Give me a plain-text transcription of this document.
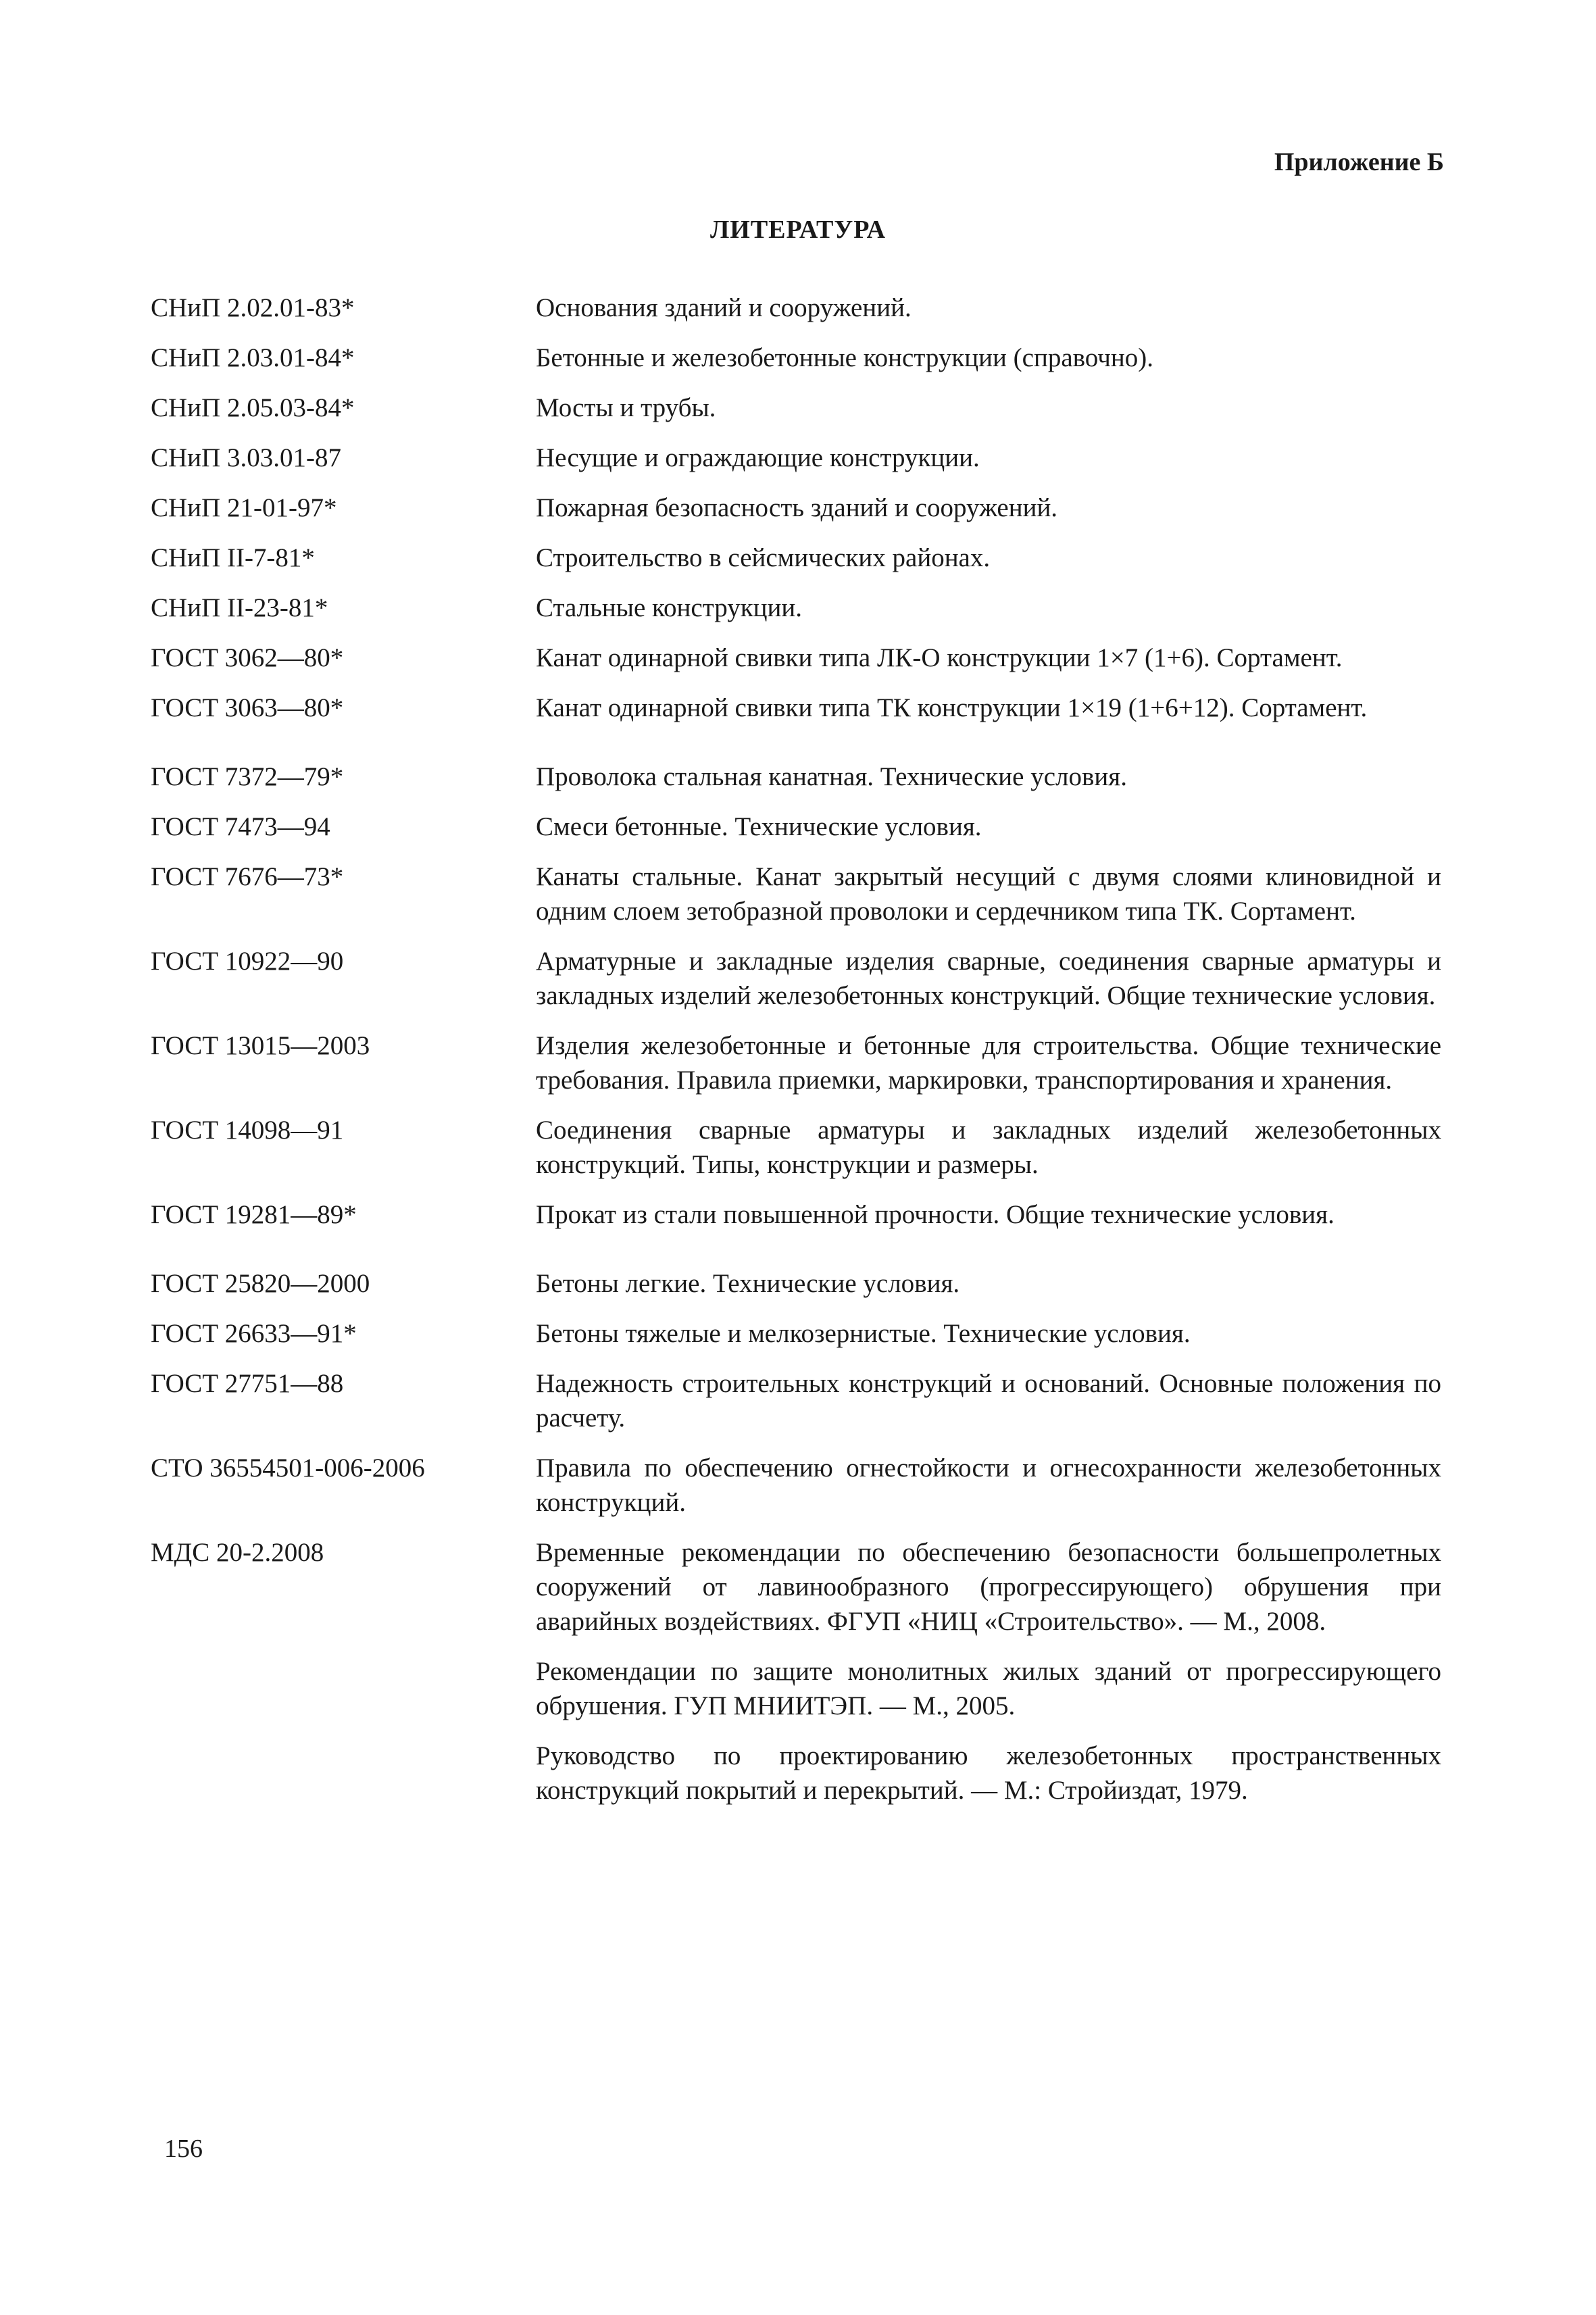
Приложение Б
ЛИТЕРАТУРА
СНиП 2.02.01-83*	Основания зданий и сооружений.
СНиП 2.03.01-84*	Бетонные и железобетонные конструкции (справочно).
СНиП 2.05.03-84*	Мосты и трубы.
СНиП 3.03.01-87	Несущие и ограждающие конструкции.
СНиП 21-01-97*	Пожарная безопасность зданий и сооружений.
СНиП II-7-81*	Строительство в сейсмических районах.
СНиП II-23-81*	Стальные конструкции.
ГОСТ 3062—80*	Канат одинарной свивки типа ЛК-О конструкции 1×7 (1+6). Сортамент.
ГОСТ 3063—80*	Канат одинарной свивки типа ТК конструкции 1×19 (1+6+12). Сортамент.
ГОСТ 7372—79*	Проволока стальная канатная. Технические условия.
ГОСТ 7473—94	Смеси бетонные. Технические условия.
ГОСТ 7676—73*	Канаты стальные. Канат закрытый несущий с двумя слоями клиновидной и одним слоем зетобразной проволоки и сердечником типа ТК. Сортамент.
ГОСТ 10922—90	Арматурные и закладные изделия сварные, соединения сварные арматуры и закладных изделий железобетонных конструкций. Общие технические условия.
ГОСТ 13015—2003	Изделия железобетонные и бетонные для строительства. Общие технические требования. Правила приемки, маркировки, транспортирования и хранения.
ГОСТ 14098—91	Соединения сварные арматуры и закладных изделий железобетонных конструкций. Типы, конструкции и размеры.
ГОСТ 19281—89*	Прокат из стали повышенной прочности. Общие технические условия.
ГОСТ 25820—2000	Бетоны легкие. Технические условия.
ГОСТ 26633—91*	Бетоны тяжелые и мелкозернистые. Технические условия.
ГОСТ 27751—88	Надежность строительных конструкций и оснований. Основные положения по расчету.
СТО 36554501-006-2006	Правила по обеспечению огнестойкости и огнесохранности железобетонных конструкций.
МДС 20-2.2008	Временные рекомендации по обеспечению безопасности большепролетных сооружений от лавинообразного (прогрессирующего) обрушения при аварийных воздействиях. ФГУП «НИЦ «Строительство». — М., 2008.
Рекомендации по защите монолитных жилых зданий от прогрессирующего обрушения. ГУП МНИИТЭП. — М., 2005.
Руководство по проектированию железобетонных пространственных конструкций покрытий и перекрытий. — М.: Стройиздат, 1979.
156
